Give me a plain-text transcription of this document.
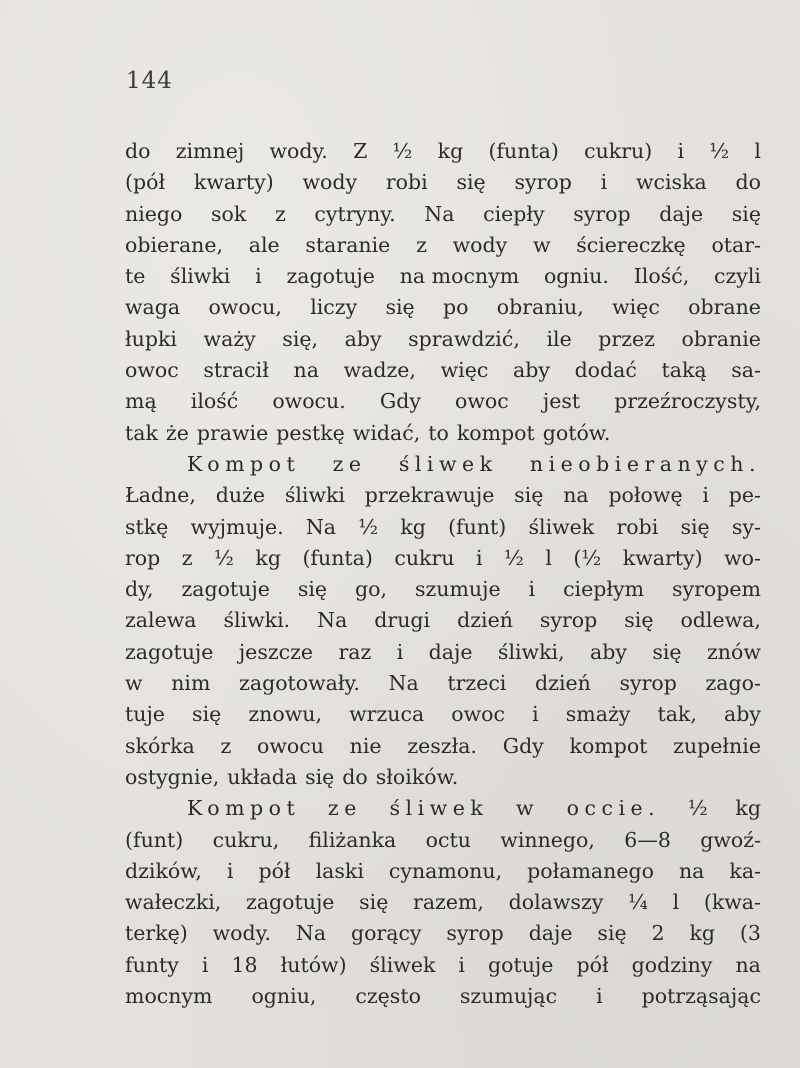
144
do zimnej wody. Z ½ kg (funta) cukru) i ½ l
(pół kwarty) wody robi się syrop i wciska do
niego sok z cytryny. Na ciepły syrop daje się
obierane, ale staranie z wody w ściereczkę otar-
te śliwki i zagotuje na mocnym ogniu. Ilość, czyli
waga owocu, liczy się po obraniu, więc obrane
łupki waży się, aby sprawdzić, ile przez obranie
owoc stracił na wadze, więc aby dodać taką sa-
mą ilość owocu. Gdy owoc jest przeźroczysty,
tak że prawie pestkę widać, to kompot gotów.
Kompot ze śliwek nieobieranych.
Ładne, duże śliwki przekrawuje się na połowę i pe-
stkę wyjmuje. Na ½ kg (funt) śliwek robi się sy-
rop z ½ kg (funta) cukru i ½ l (½ kwarty) wo-
dy, zagotuje się go, szumuje i ciepłym syropem
zalewa śliwki. Na drugi dzień syrop się odlewa,
zagotuje jeszcze raz i daje śliwki, aby się znów
w nim zagotowały. Na trzeci dzień syrop zago-
tuje się znowu, wrzuca owoc i smaży tak, aby
skórka z owocu nie zeszła. Gdy kompot zupełnie
ostygnie, układa się do słoików.
Kompot ze śliwek w occie. ½ kg
(funt) cukru, filiżanka octu winnego, 6—8 gwoź-
dzików, i pół laski cynamonu, połamanego na ka-
wałeczki, zagotuje się razem, dolawszy ¼ l (kwa-
terkę) wody. Na gorący syrop daje się 2 kg (3
funty i 18 łutów) śliwek i gotuje pół godziny na
mocnym ogniu, często szumując i potrząsając
